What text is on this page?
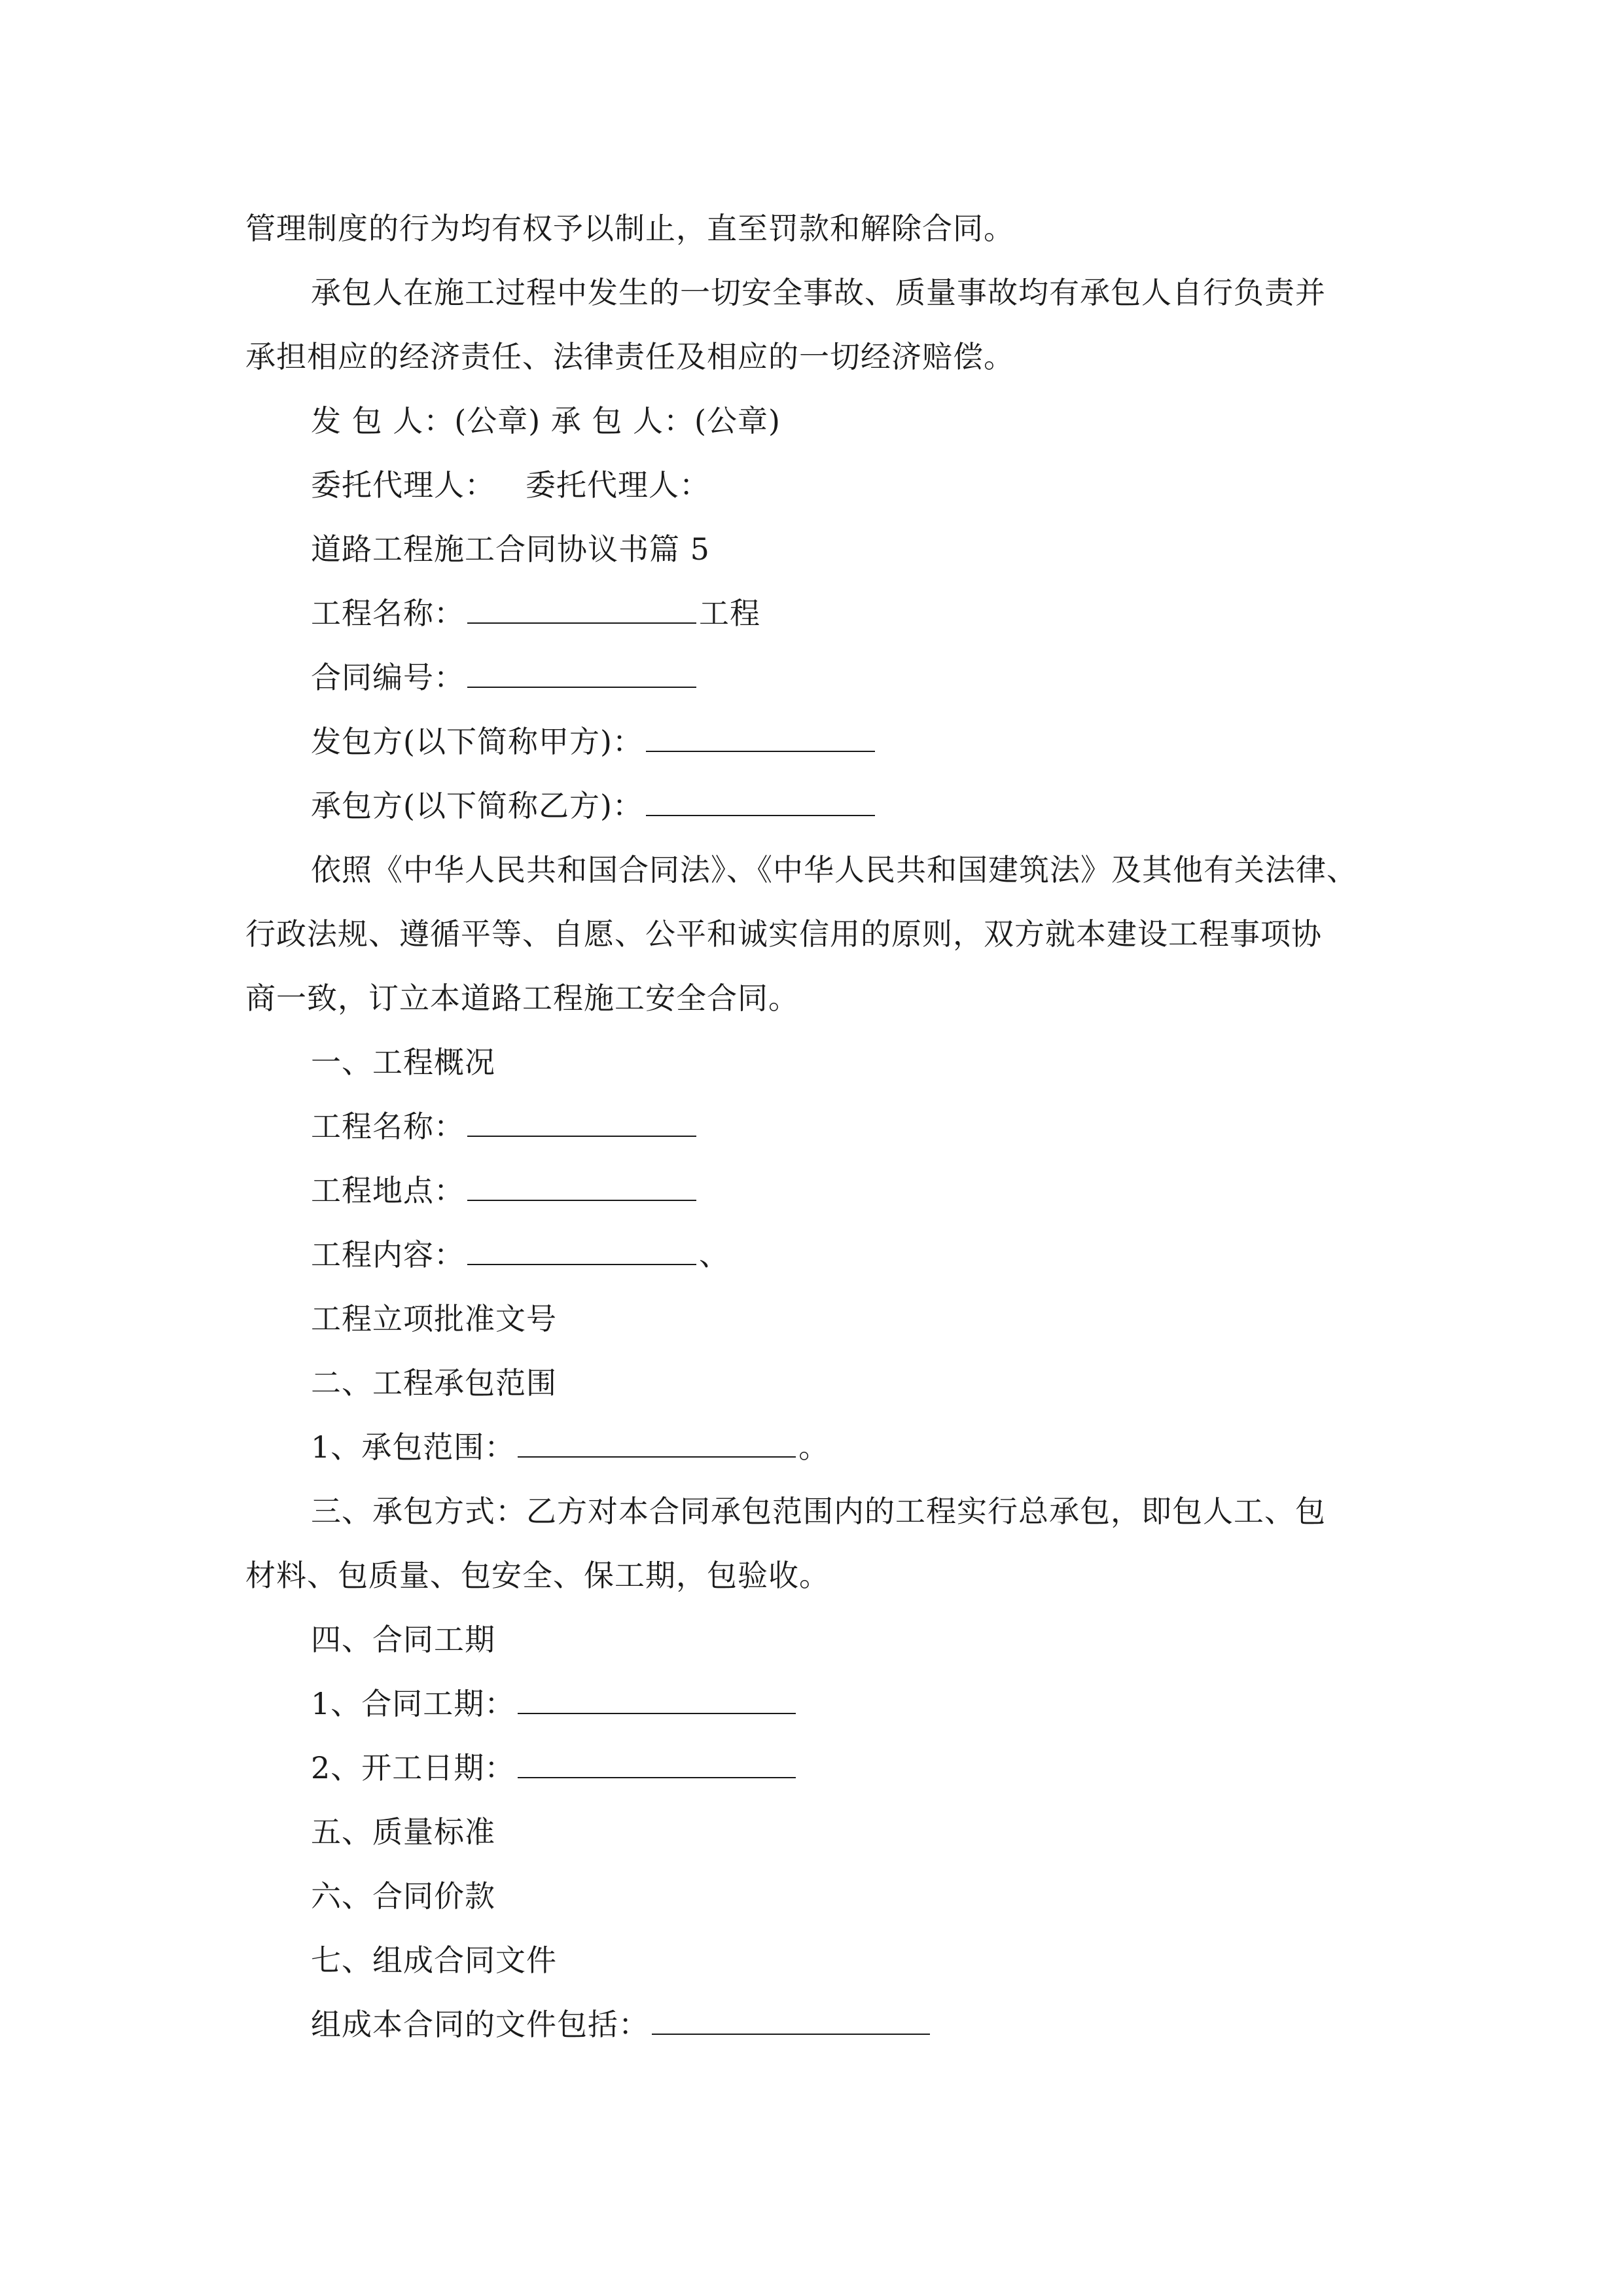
管理制度的行为均有权予以制止，直至罚款和解除合同。
承包人在施工过程中发生的一切安全事故、质量事故均有承包人自行负责并
承担相应的经济责任、法律责任及相应的一切经济赔偿。
发 包 人：(公章) 承 包 人：(公章)
委托代理人： 委托代理人：
道路工程施工合同协议书篇 5
工程名称：	工程
合同编号：
发包方(以下简称甲方)：
承包方(以下简称乙方)：
依照《中华人民共和国合同法》、《中华人民共和国建筑法》及其他有关法律、
行政法规、遵循平等、自愿、公平和诚实信用的原则，双方就本建设工程事项协
商一致，订立本道路工程施工安全合同。
一、工程概况
工程名称：
工程地点：
工程内容：	、
工程立项批准文号
二、工程承包范围
1、承包范围：	。
三、承包方式：乙方对本合同承包范围内的工程实行总承包，即包人工、包
材料、包质量、包安全、保工期，包验收。
四、合同工期
1、合同工期：
2、开工日期：
五、质量标准
六、合同价款
七、组成合同文件
组成本合同的文件包括：
